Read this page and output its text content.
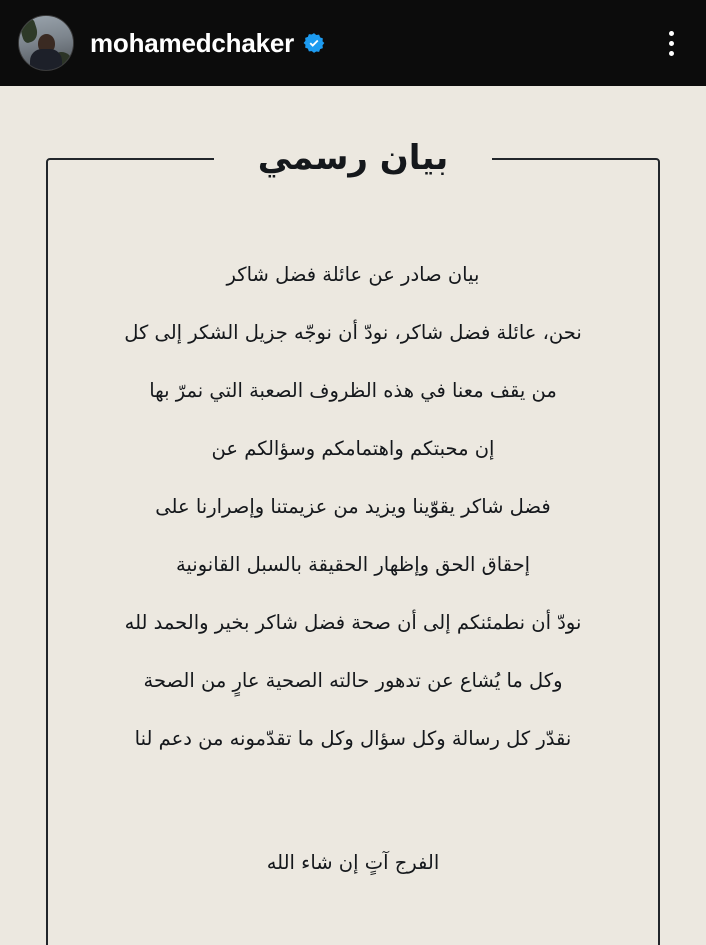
mohamedchaker
بيان رسمي

بيان صادر عن عائلة فضل شاكر

نحن، عائلة فضل شاكر، نودّ أن نوجّه جزيل الشكر إلى كل

من يقف معنا في هذه الظروف الصعبة التي نمرّ بها

إن محبتكم واهتمامكم وسؤالكم عن

فضل شاكر يقوّينا ويزيد من عزيمتنا وإصرارنا على

إحقاق الحق وإظهار الحقيقة بالسبل القانونية

نودّ أن نطمئنكم إلى أن صحة فضل شاكر بخير والحمد لله

وكل ما يُشاع عن تدهور حالته الصحية عارٍ من الصحة

نقدّر كل رسالة وكل سؤال وكل ما تقدّمونه من دعم لنا

الفرج آتٍ إن شاء الله
